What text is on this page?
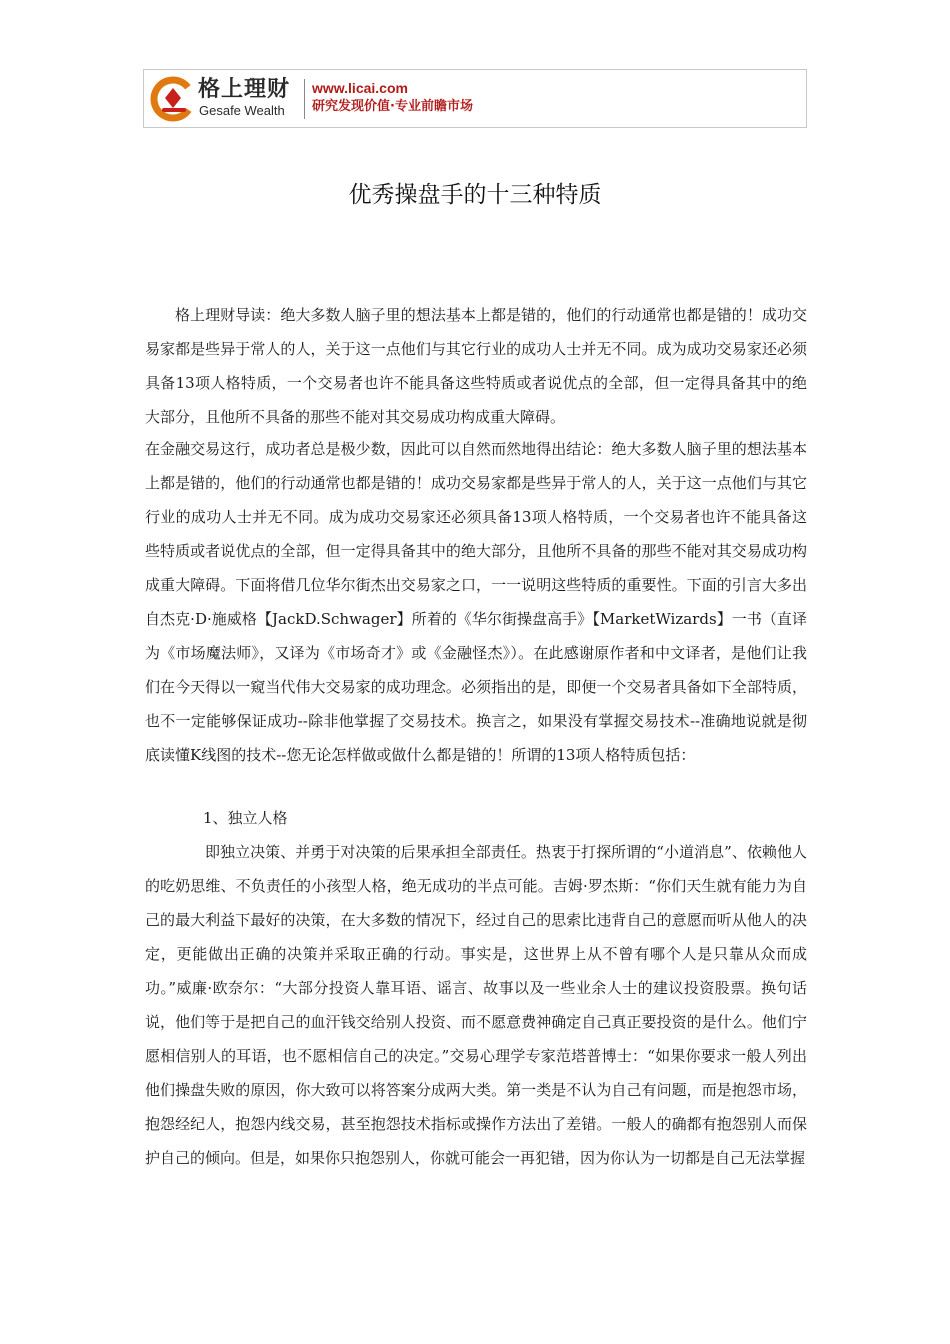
格上理财
Gesafe Wealth
www.licai.com
研究发现价值·专业前瞻市场
优秀操盘手的十三种特质

格上理财导读：绝大多数人脑子里的想法基本上都是错的，他们的行动通常也都是错的！成功交易家都是些异于常人的人，关于这一点他们与其它行业的成功人士并无不同。成为成功交易家还必须具备13项人格特质，一个交易者也许不能具备这些特质或者说优点的全部，但一定得具备其中的绝大部分，且他所不具备的那些不能对其交易成功构成重大障碍。

在金融交易这行，成功者总是极少数，因此可以自然而然地得出结论：绝大多数人脑子里的想法基本上都是错的，他们的行动通常也都是错的！成功交易家都是些异于常人的人，关于这一点他们与其它行业的成功人士并无不同。成为成功交易家还必须具备13项人格特质，一个交易者也许不能具备这些特质或者说优点的全部，但一定得具备其中的绝大部分，且他所不具备的那些不能对其交易成功构成重大障碍。下面将借几位华尔街杰出交易家之口，一一说明这些特质的重要性。下面的引言大多出自杰克·D·施威格【JackD.Schwager】所着的《华尔街操盘高手》【MarketWizards】一书（直译为《市场魔法师》，又译为《市场奇才》或《金融怪杰》）。在此感谢原作者和中文译者，是他们让我们在今天得以一窥当代伟大交易家的成功理念。必须指出的是，即便一个交易者具备如下全部特质，也不一定能够保证成功--除非他掌握了交易技术。换言之，如果没有掌握交易技术--准确地说就是彻底读懂K线图的技术--您无论怎样做或做什么都是错的！所谓的13项人格特质包括：

1、独立人格

即独立决策、并勇于对决策的后果承担全部责任。热衷于打探所谓的“小道消息”、依赖他人的吃奶思维、不负责任的小孩型人格，绝无成功的半点可能。吉姆·罗杰斯：“你们天生就有能力为自己的最大利益下最好的决策，在大多数的情况下，经过自己的思索比违背自己的意愿而听从他人的决定，更能做出正确的决策并采取正确的行动。事实是，这世界上从不曾有哪个人是只靠从众而成功。”威廉·欧奈尔：“大部分投资人靠耳语、谣言、故事以及一些业余人士的建议投资股票。换句话说，他们等于是把自己的血汗钱交给别人投资、而不愿意费神确定自己真正要投资的是什么。他们宁愿相信别人的耳语，也不愿相信自己的决定。”交易心理学专家范塔普博士：“如果你要求一般人列出他们操盘失败的原因，你大致可以将答案分成两大类。第一类是不认为自己有问题，而是抱怨市场，抱怨经纪人，抱怨内线交易，甚至抱怨技术指标或操作方法出了差错。一般人的确都有抱怨别人而保护自己的倾向。但是，如果你只抱怨别人，你就可能会一再犯错，因为你认为一切都是自己无法掌握
